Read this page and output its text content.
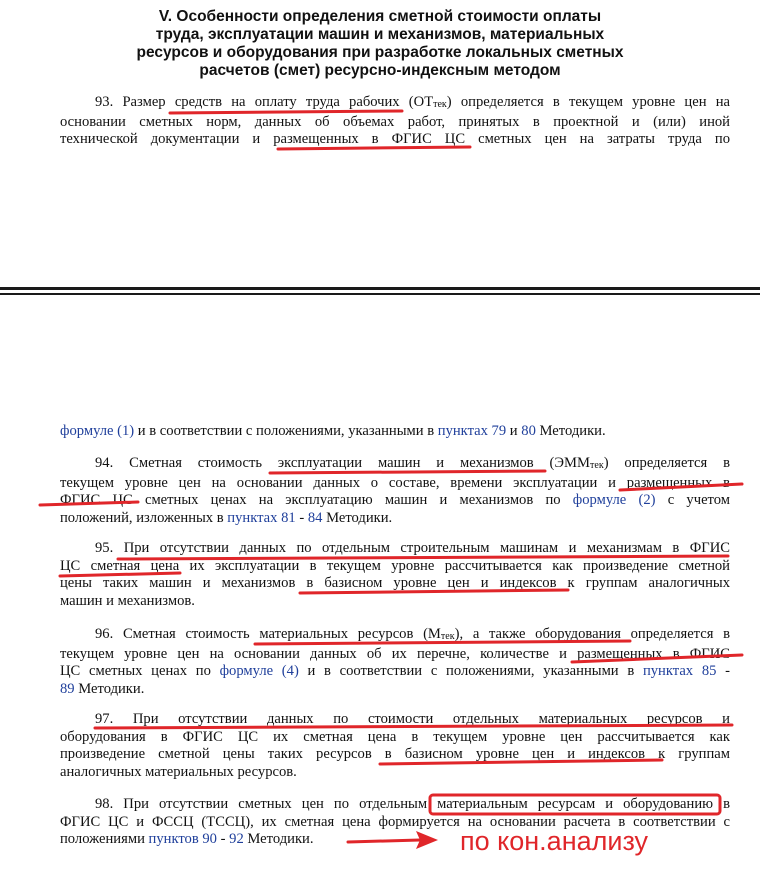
V. Особенности определения сметной стоимости оплаты
труда, эксплуатации машин и механизмов, материальных
ресурсов и оборудования при разработке локальных сметных
расчетов (смет) ресурсно-индексным методом
93. Размер средств на оплату труда рабочих $(ОТ_{тек})$ определяется в текущем уровне цен на
основании сметных норм, данных об объемах работ, принятых в проектной и (или) иной
технической документации и размещенных в ФГИС ЦС сметных цен на затраты труда по
формуле (1) и в соответствии с положениями, указанными в пунктах 79 и 80 Методики.
94. Сметная стоимость эксплуатации машин и механизмов $(ЭММ_{тек})$ определяется в
текущем уровне цен на основании данных о составе, времени эксплуатации и размещенных в
ФГИС ЦС сметных ценах на эксплуатацию машин и механизмов по формуле (2) с учетом
положений, изложенных в пунктах 81 - 84 Методики.
95. При отсутствии данных по отдельным строительным машинам и механизмам в ФГИС
ЦС сметная цена их эксплуатации в текущем уровне рассчитывается как произведение сметной
цены таких машин и механизмов в базисном уровне цен и индексов к группам аналогичных
машин и механизмов.
96. Сметная стоимость материальных ресурсов $(М_{тек})$, а также оборудования определяется в
текущем уровне цен на основании данных об их перечне, количестве и размещенных в ФГИС
ЦС сметных ценах по формуле (4) и в соответствии с положениями, указанными в пунктах 85 -
89 Методики.
97. При отсутствии данных по стоимости отдельных материальных ресурсов и
оборудования в ФГИС ЦС их сметная цена в текущем уровне цен рассчитывается как
произведение сметной цены таких ресурсов в базисном уровне цен и индексов к группам
аналогичных материальных ресурсов.
98. При отсутствии сметных цен по отдельным материальным ресурсам и оборудованию в
ФГИС ЦС и ФССЦ (ТССЦ), их сметная цена формируется на основании расчета в соответствии с
положениями пунктов 90 - 92 Методики.	по кон.анализу
